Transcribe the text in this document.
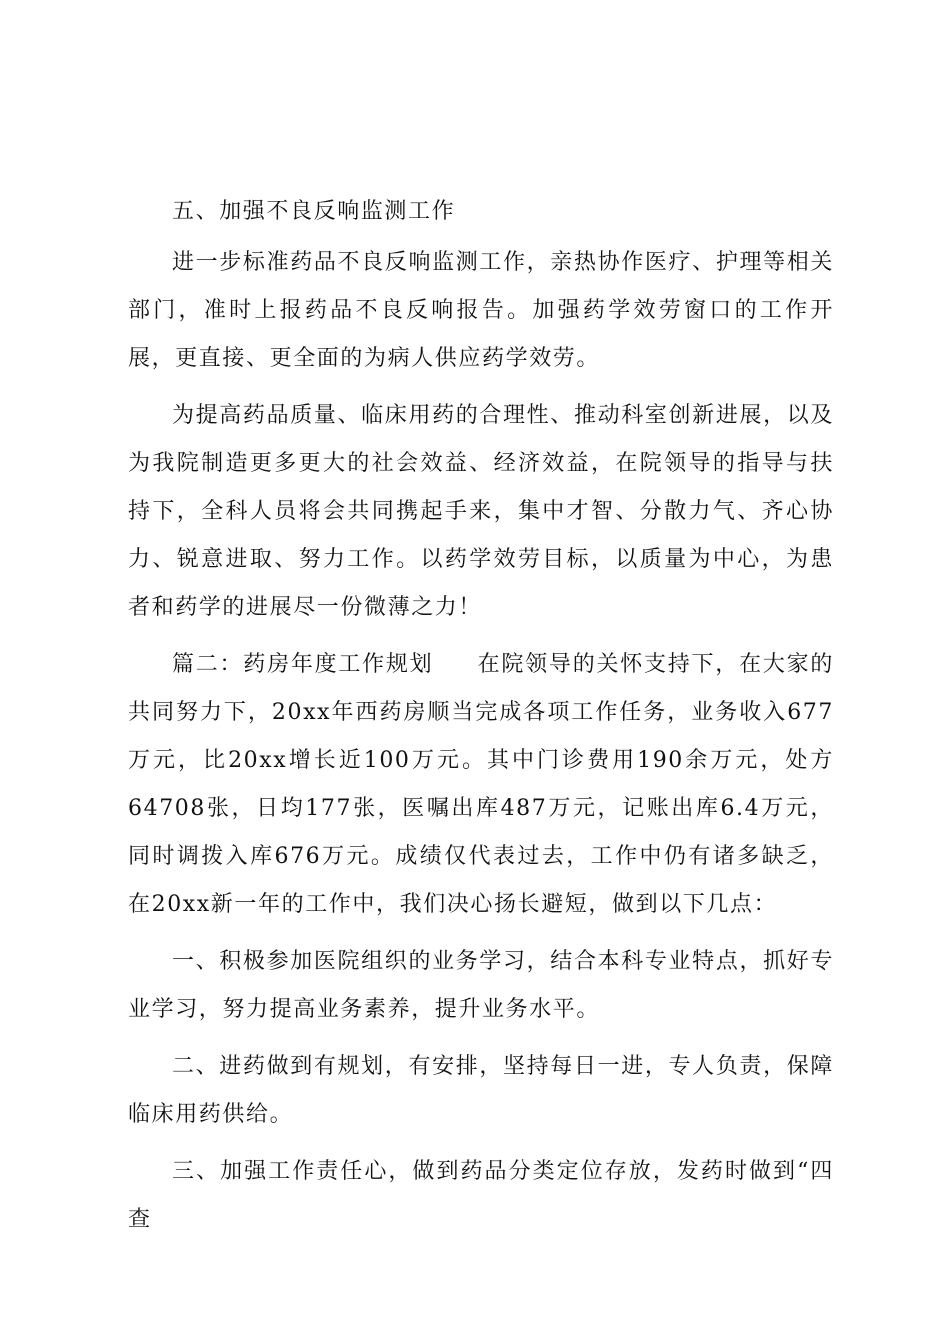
五、加强不良反响监测工作

进一步标准药品不良反响监测工作，亲热协作医疗、护理等相关部门，准时上报药品不良反响报告。加强药学效劳窗口的工作开展，更直接、更全面的为病人供应药学效劳。

为提高药品质量、临床用药的合理性、推动科室创新进展，以及为我院制造更多更大的社会效益、经济效益，在院领导的指导与扶持下，全科人员将会共同携起手来，集中才智、分散力气、齐心协力、锐意进取、努力工作。以药学效劳目标，以质量为中心，为患者和药学的进展尽一份微薄之力！

篇二：药房年度工作规划 在院领导的关怀支持下，在大家的共同努力下，20xx年西药房顺当完成各项工作任务，业务收入677万元，比20xx增长近100万元。其中门诊费用190余万元，处方64708张，日均177张，医嘱出库487万元，记账出库6.4万元，同时调拨入库676万元。成绩仅代表过去，工作中仍有诸多缺乏，在20xx新一年的工作中，我们决心扬长避短，做到以下几点：

一、积极参加医院组织的业务学习，结合本科专业特点，抓好专业学习，努力提高业务素养，提升业务水平。

二、进药做到有规划，有安排，坚持每日一进，专人负责，保障临床用药供给。

三、加强工作责任心，做到药品分类定位存放，发药时做到“四查
